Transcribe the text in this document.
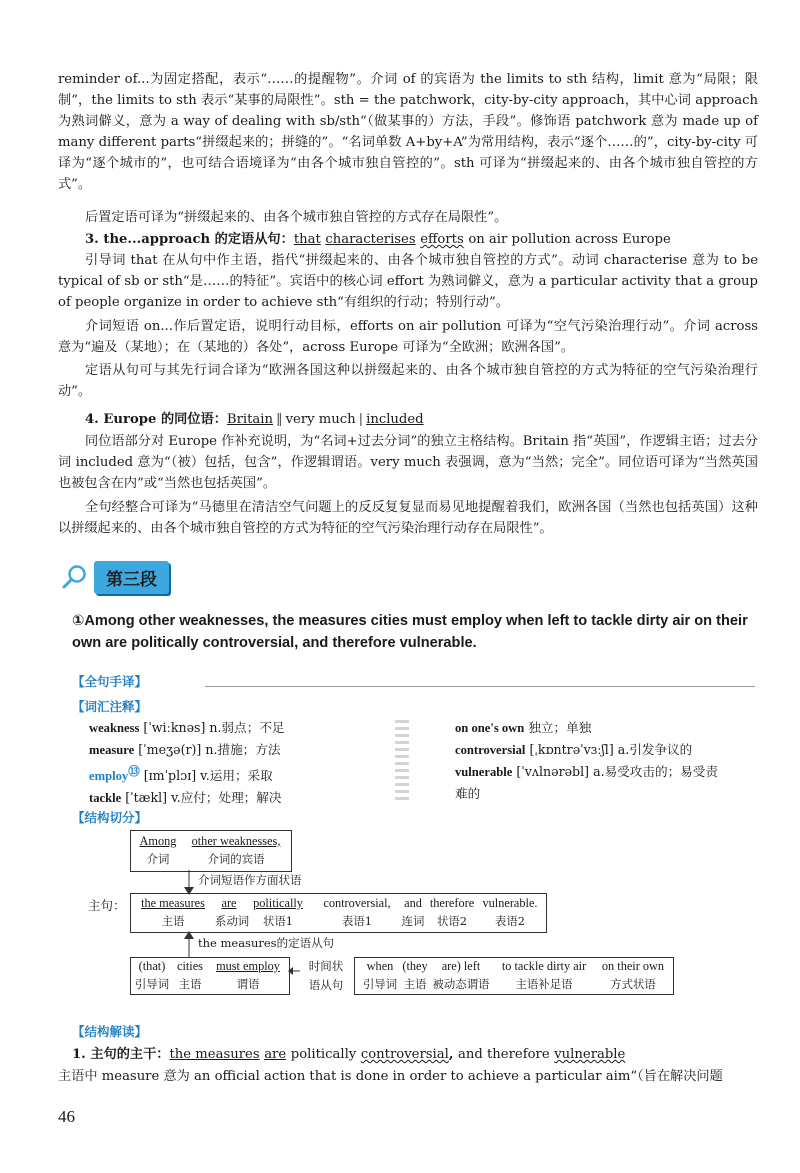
reminder of...为固定搭配，表示“……的提醒物”。介词 of 的宾语为 the limits to sth 结构，limit 意为“局限；限制”，the limits to sth 表示“某事的局限性”。sth = the patchwork，city-by-city approach，其中心词 approach 为熟词僻义，意为 a way of dealing with sb/sth“（做某事的）方法，手段”。修饰语 patchwork 意为 made up of many different parts“拼缀起来的；拼缝的”。“名词单数 A+by+A”为常用结构，表示“逐个……的”，city-by-city 可译为“逐个城市的”，也可结合语境译为“由各个城市独自管控的”。sth 可译为“拼缀起来的、由各个城市独自管控的方式”。

后置定语可译为“拼缀起来的、由各个城市独自管控的方式存在局限性”。

3. the...approach 的定语从句：that characterises efforts on air pollution across Europe

引导词 that 在从句中作主语，指代“拼缀起来的、由各个城市独自管控的方式”。动词 characterise 意为 to be typical of sb or sth“是……的特征”。宾语中的核心词 effort 为熟词僻义，意为 a particular activity that a group of people organize in order to achieve sth“有组织的行动；特别行动”。

介词短语 on...作后置定语，说明行动目标，efforts on air pollution 可译为“空气污染治理行动”。介词 across 意为“遍及（某地）；在（某地的）各处”，across Europe 可译为“全欧洲；欧洲各国”。

定语从句可与其先行词合译为“欧洲各国这种以拼缀起来的、由各个城市独自管控的方式为特征的空气污染治理行动”。

4. Europe 的同位语：Britain ‖ very much | included

同位语部分对 Europe 作补充说明，为“名词+过去分词”的独立主格结构。Britain 指“英国”，作逻辑主语；过去分词 included 意为“（被）包括，包含”，作逻辑谓语。very much 表强调，意为“当然；完全”。同位语可译为“当然英国也被包含在内”或“当然也包括英国”。

全句经整合可译为“马德里在清洁空气问题上的反反复复显而易见地提醒着我们，欧洲各国（当然也包括英国）这种以拼缀起来的、由各个城市独自管控的方式为特征的空气污染治理行动存在局限性”。

第三段
①Among other weaknesses, the measures cities must employ when left to tackle dirty air on their own are politically controversial, and therefore vulnerable.
【全句手译】
【词汇注释】
weakness [ˈwiːknəs] n.弱点；不足
measure [ˈmeʒə(r)] n.措施；方法
employ⑬ [ɪmˈplɔɪ] v.运用；采取
tackle [ˈtækl] v.应付；处理；解决
on one's own 独立；单独
controversial [ˌkɒntrəˈvɜːʃl] a.引发争议的
vulnerable [ˈvʌlnərəbl] a.易受攻击的；易受责
难的
【结构切分】
Among
介词
other weaknesses,
介词的宾语
介词短语作方面状语
主句：	the measures
主语
are
系动词
politically
状语1
controversial,
表语1
and
连词
therefore
状语2
vulnerable.
表语2
the measures的定语从句
(that)
引导词
cities
主语
must employ
谓语
时间状
语从句
when
引导词
(they
主语
are) left
被动态谓语
to tackle dirty air
主语补足语
on their own
方式状语
【结构解读】

1. 主句的主干：the measures are politically controversial, and therefore vulnerable

主语中 measure 意为 an official action that is done in order to achieve a particular aim“（旨在解决问题

46
